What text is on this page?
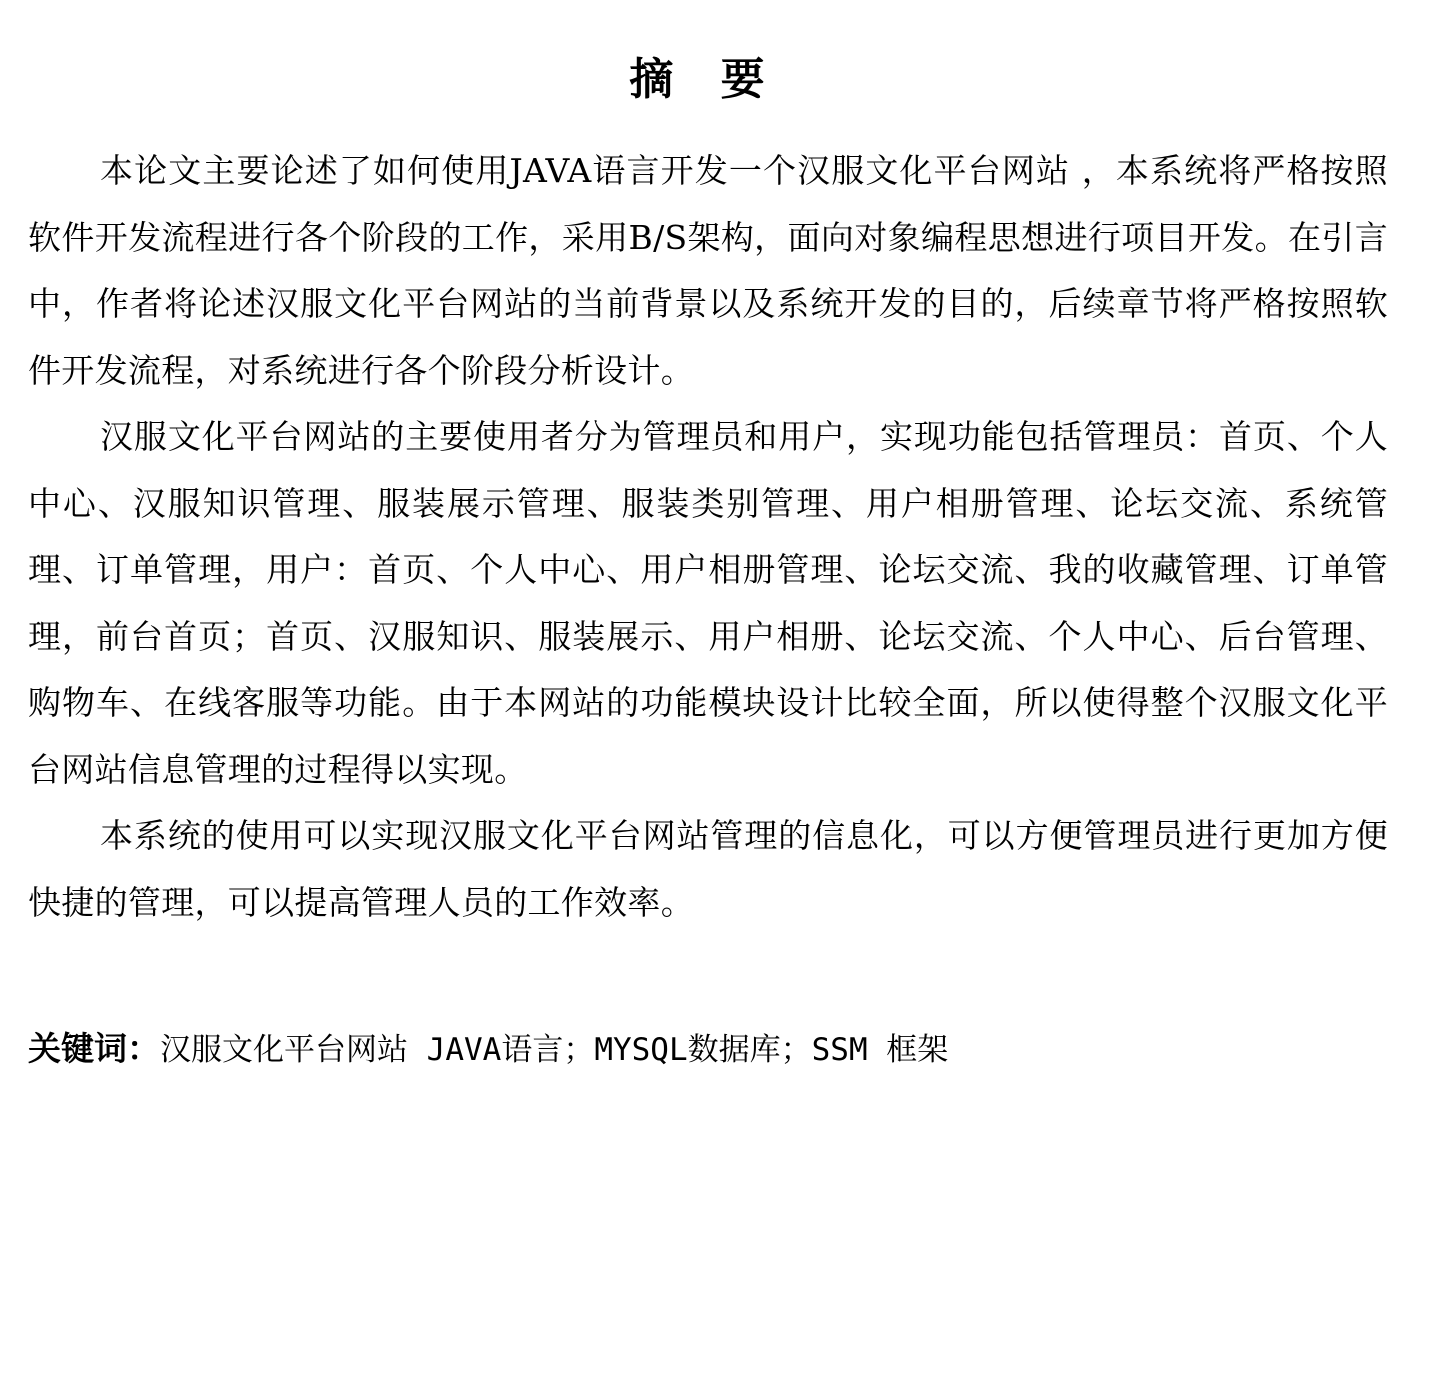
摘 要

本论文主要论述了如何使用JAVA语言开发一个汉服文化平台网站 ，本系统将严格按照软件开发流程进行各个阶段的工作，采用B/S架构，面向对象编程思想进行项目开发。在引言中，作者将论述汉服文化平台网站的当前背景以及系统开发的目的，后续章节将严格按照软件开发流程，对系统进行各个阶段分析设计。

汉服文化平台网站的主要使用者分为管理员和用户，实现功能包括管理员：首页、个人中心、汉服知识管理、服装展示管理、服装类别管理、用户相册管理、论坛交流、系统管理、订单管理，用户：首页、个人中心、用户相册管理、论坛交流、我的收藏管理、订单管理，前台首页；首页、汉服知识、服装展示、用户相册、论坛交流、个人中心、后台管理、购物车、在线客服等功能。由于本网站的功能模块设计比较全面，所以使得整个汉服文化平台网站信息管理的过程得以实现。

本系统的使用可以实现汉服文化平台网站管理的信息化，可以方便管理员进行更加方便快捷的管理，可以提高管理人员的工作效率。

关键词：汉服文化平台网站 JAVA语言；MYSQL数据库；SSM 框架
